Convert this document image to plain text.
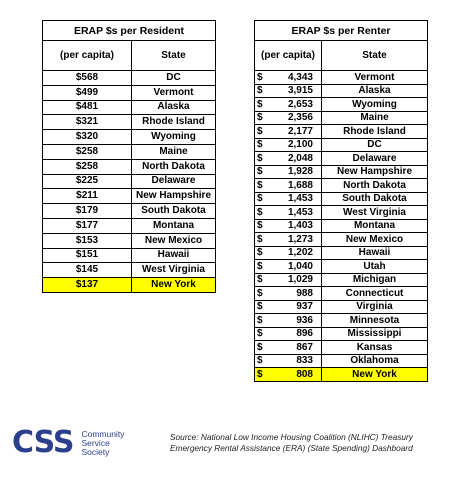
ERAP $s per Resident	
(per capita)	State
$568	DC
$499	Vermont
$481	Alaska
$321	Rhode Island
$320	Wyoming
$258	Maine
$258	North Dakota
$225	Delaware
$211	New Hampshire
$179	South Dakota
$177	Montana
$153	New Mexico
$151	Hawaii
$145	West Virginia
$137	New York
ERAP $s per Renter		
(per capita)		State
$	4,343	Vermont
$	3,915	Alaska
$	2,653	Wyoming
$	2,356	Maine
$	2,177	Rhode Island
$	2,100	DC
$	2,048	Delaware
$	1,928	New Hampshire
$	1,688	North Dakota
$	1,453	South Dakota
$	1,453	West Virginia
$	1,403	Montana
$	1,273	New Mexico
$	1,202	Hawaii
$	1,040	Utah
$	1,029	Michigan
$	988	Connecticut
$	937	Virginia
$	936	Minnesota
$	896	Mississippi
$	867	Kansas
$	833	Oklahoma
$	808	New York
CSS Community
Service
Society
Source: National Low Income Housing Coalition (NLIHC) Treasury
Emergency Rental Assistance (ERA) (State Spending) Dashboard
